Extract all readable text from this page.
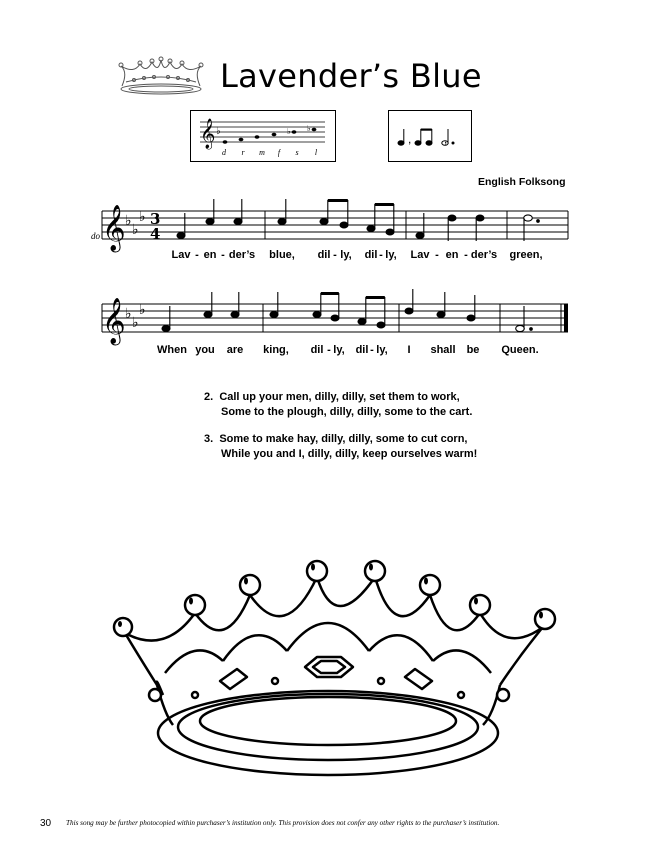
Lavender’s Blue
𝄞 ♭	♭ ♭
d r m f s l
,	,
English Folksong
do 𝄞 ♭
♭
♭ 3
4
Lav - en - der’s blue, dil - ly, dil - ly, Lav - en - der’s green,
𝄞 ♭
♭
♭
When you are king, dil - ly, dil - ly, I shall be Queen.
2. Call up your men, dilly, dilly, set them to work,
Some to the plough, dilly, dilly, some to the cart.
3. Some to make hay, dilly, dilly, some to cut corn,
While you and I, dilly, dilly, keep ourselves warm!
30 This song may be further photocopied within purchaser’s institution only. This provision does not confer any other rights to the purchaser’s institution.
